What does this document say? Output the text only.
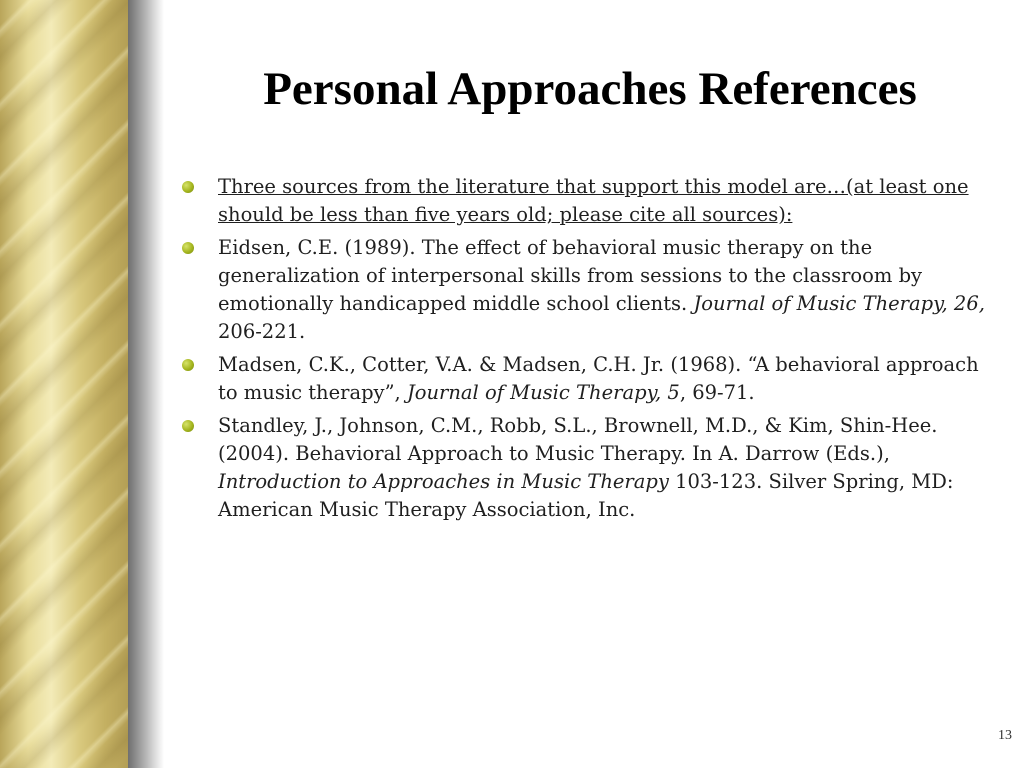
Personal Approaches References
Three sources from the literature that support this model are…(at least one should be less than five years old; please cite all sources):
Eidsen, C.E. (1989). The effect of behavioral music therapy on the generalization of interpersonal skills from sessions to the classroom by emotionally handicapped middle school clients. Journal of Music Therapy, 26, 206-221.
Madsen, C.K., Cotter, V.A. & Madsen, C.H. Jr. (1968). “A behavioral approach to music therapy”, Journal of Music Therapy, 5, 69-71.
Standley, J., Johnson, C.M., Robb, S.L., Brownell, M.D., & Kim, Shin-Hee. (2004). Behavioral Approach to Music Therapy. In A. Darrow (Eds.), Introduction to Approaches in Music Therapy 103-123. Silver Spring, MD: American Music Therapy Association, Inc.
13
